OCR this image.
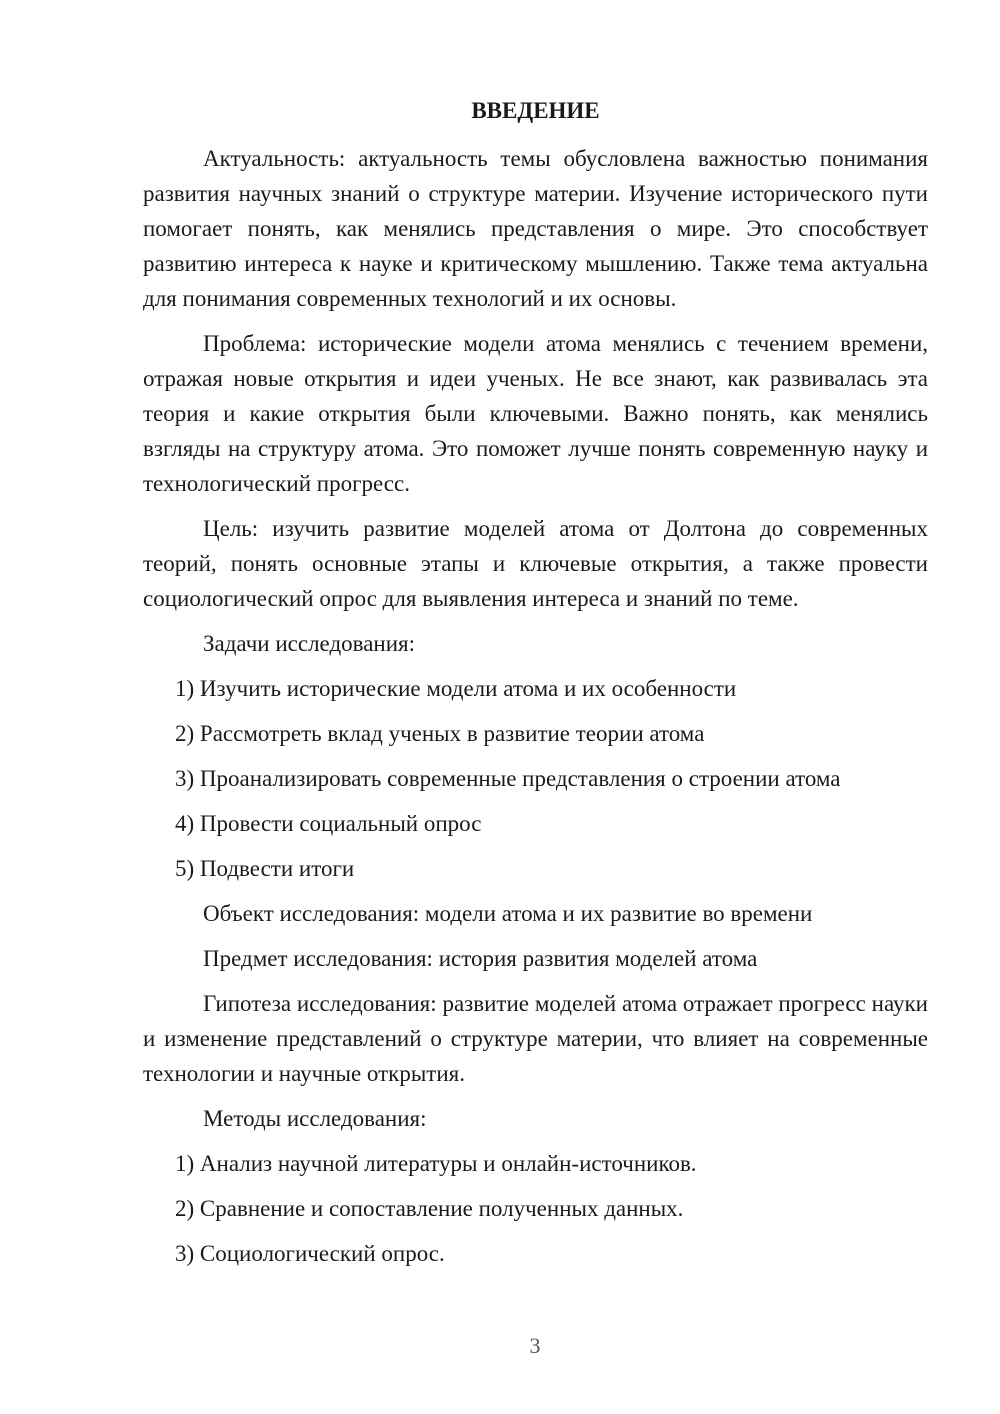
ВВЕДЕНИЕ

Актуальность: актуальность темы обусловлена важностью понимания развития научных знаний о структуре материи. Изучение исторического пути помогает понять, как менялись представления о мире. Это способствует развитию интереса к науке и критическому мышлению. Также тема актуальна для понимания современных технологий и их основы.

Проблема: исторические модели атома менялись с течением времени, отражая новые открытия и идеи ученых. Не все знают, как развивалась эта теория и какие открытия были ключевыми. Важно понять, как менялись взгляды на структуру атома. Это поможет лучше понять современную науку и технологический прогресс.

Цель: изучить развитие моделей атома от Долтона до современных теорий, понять основные этапы и ключевые открытия, а также провести социологический опрос для выявления интереса и знаний по теме.

Задачи исследования:
1) Изучить исторические модели атома и их особенности
2) Рассмотреть вклад ученых в развитие теории атома
3) Проанализировать современные представления о строении атома
4) Провести социальный опрос
5) Подвести итоги
Объект исследования: модели атома и их развитие во времени
Предмет исследования: история развития моделей атома

Гипотеза исследования: развитие моделей атома отражает прогресс науки и изменение представлений о структуре материи, что влияет на современные технологии и научные открытия.

Методы исследования:
1) Анализ научной литературы и онлайн-источников.
2) Сравнение и сопоставление полученных данных.
3) Социологический опрос.
3
